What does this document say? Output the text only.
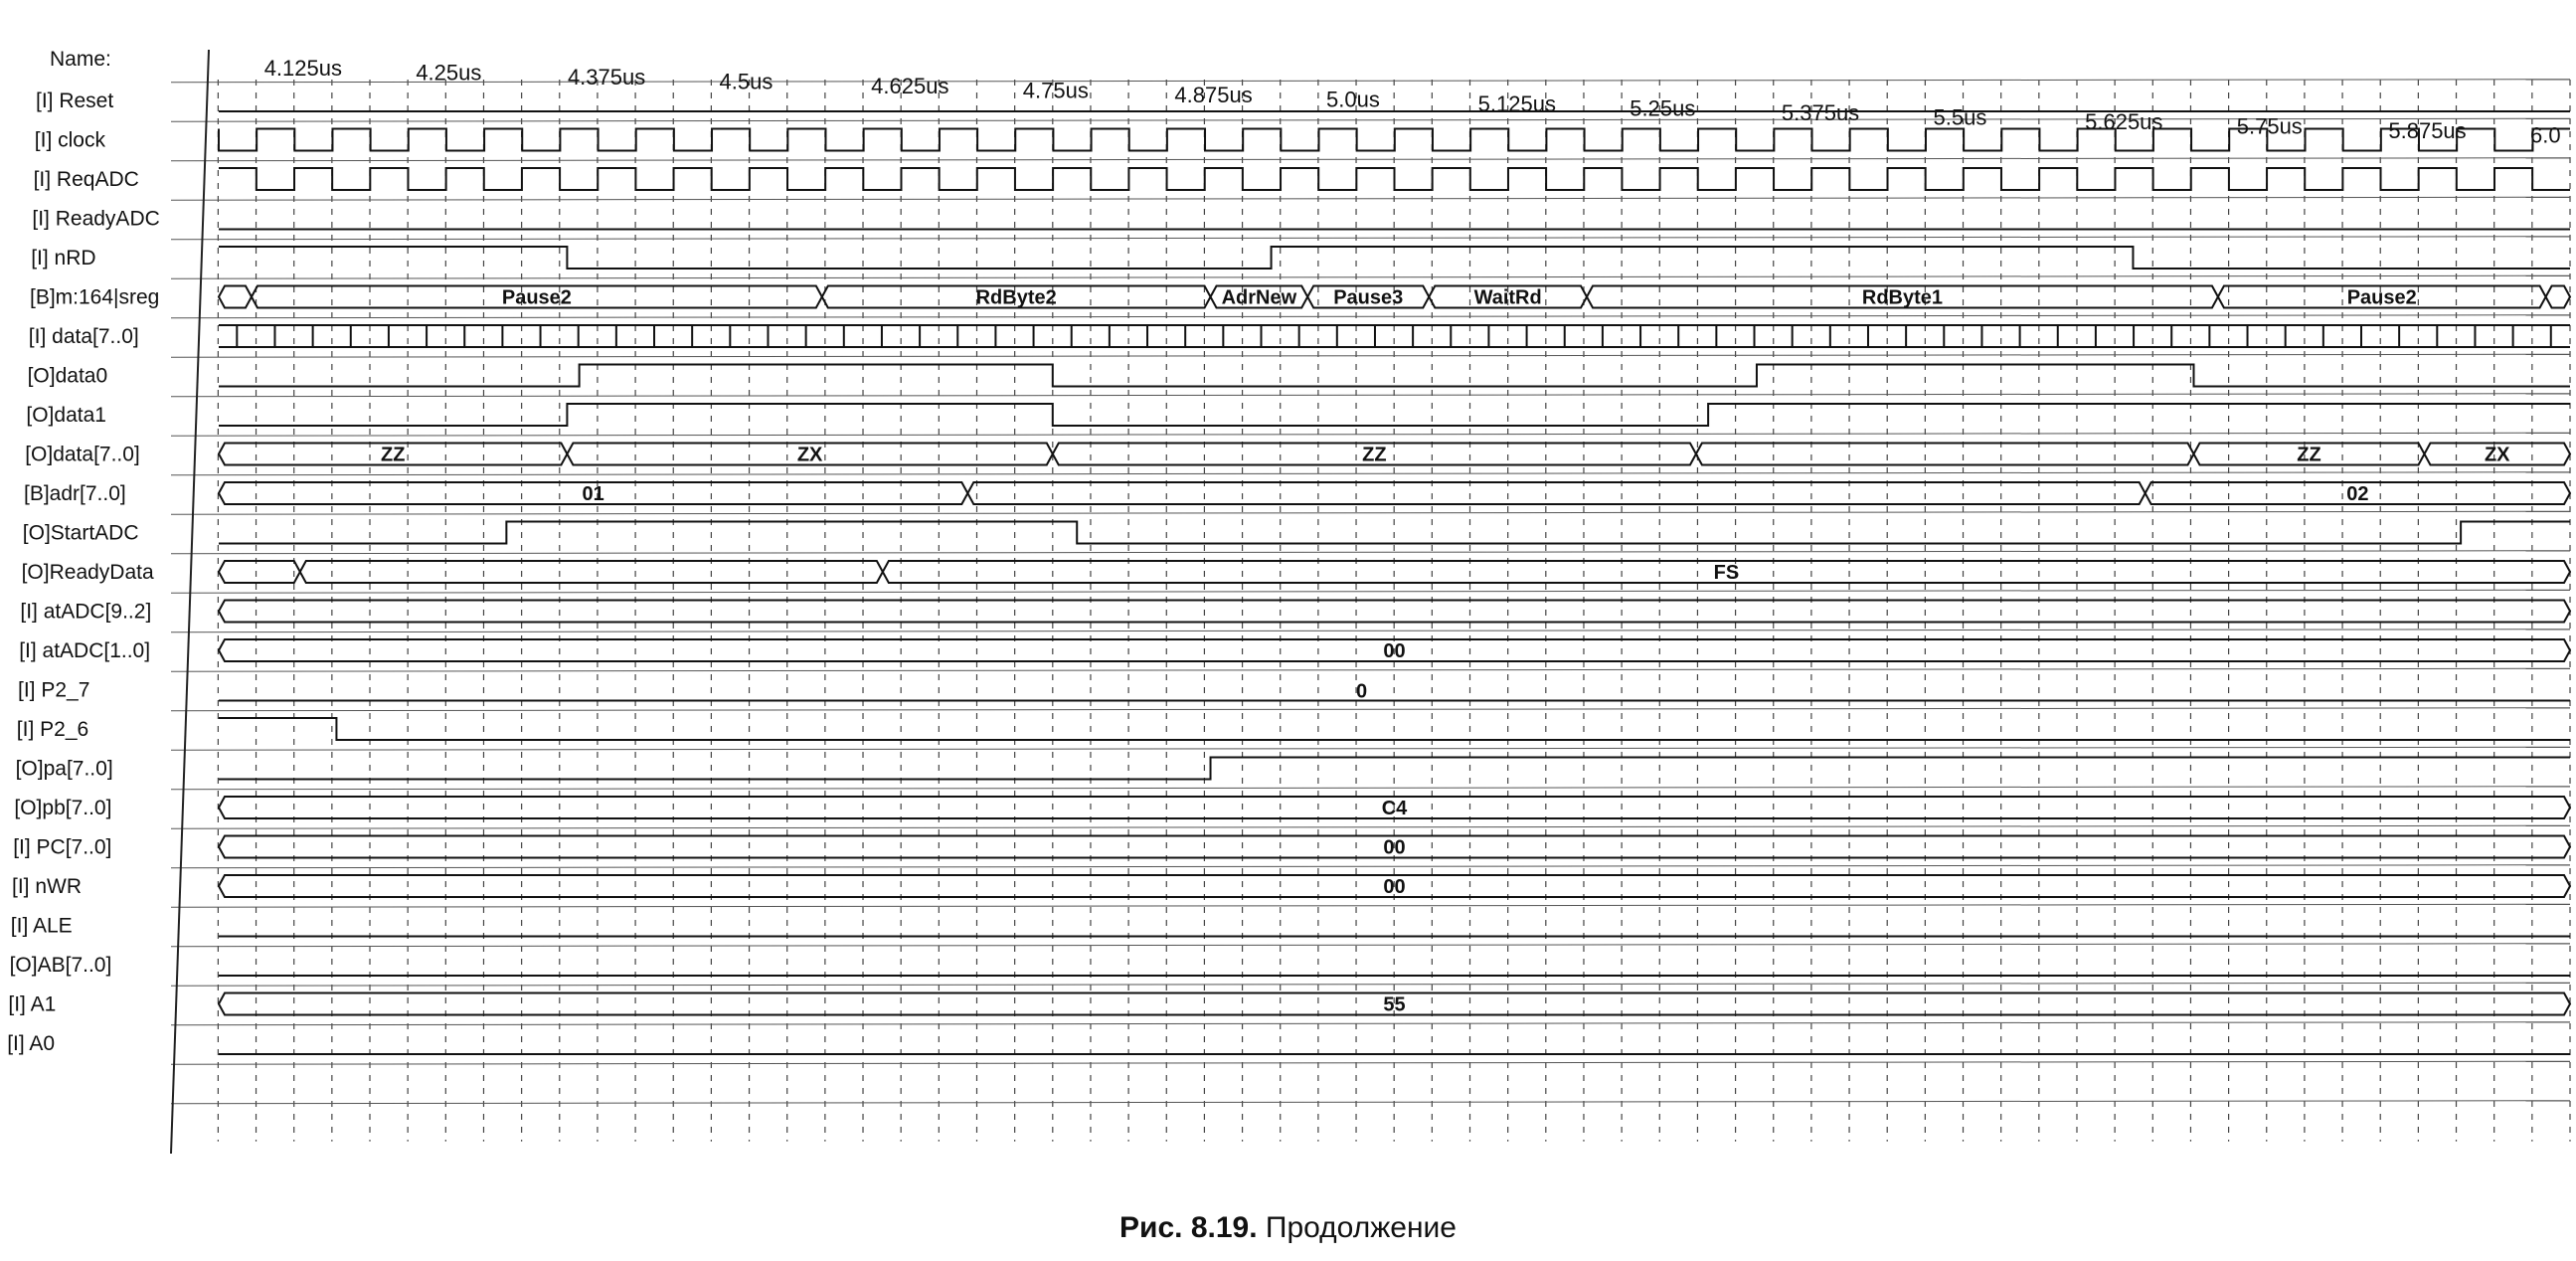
[I] Reset
[I] clock
[I] ReqADC
[I] ReadyADC
[I] nRD
[B]m:164|sreg
[I] data[7..0]
[O]data0
[O]data1
[O]data[7..0]
[B]adr[7..0]
[O]StartADC
[O]ReadyData
[I] atADC[9..2]
[I] atADC[1..0]
[I] P2_7
[I] P2_6
[O]pa[7..0]
[O]pb[7..0]
[I] PC[7..0]
[I] nWR
[I] ALE
[O]AB[7..0]
[I] A1
[I] A0
4.125us	4.25us	4.375us	4.5us	4.625us	4.75us	4.875us	5.0us	5.125us	5.25us	5.375us	5.5us	5.625us	5.75us	5.875us	6.0
Pause2	RdByte2	AdrNew Pause3	WaitRd	RdByte1	Pause2
ZZ	ZX	ZZ	ZZ	ZX
01	02
FS
00
0
C4
00
00
55
Name:
Рис. 8.19. Продолжение
